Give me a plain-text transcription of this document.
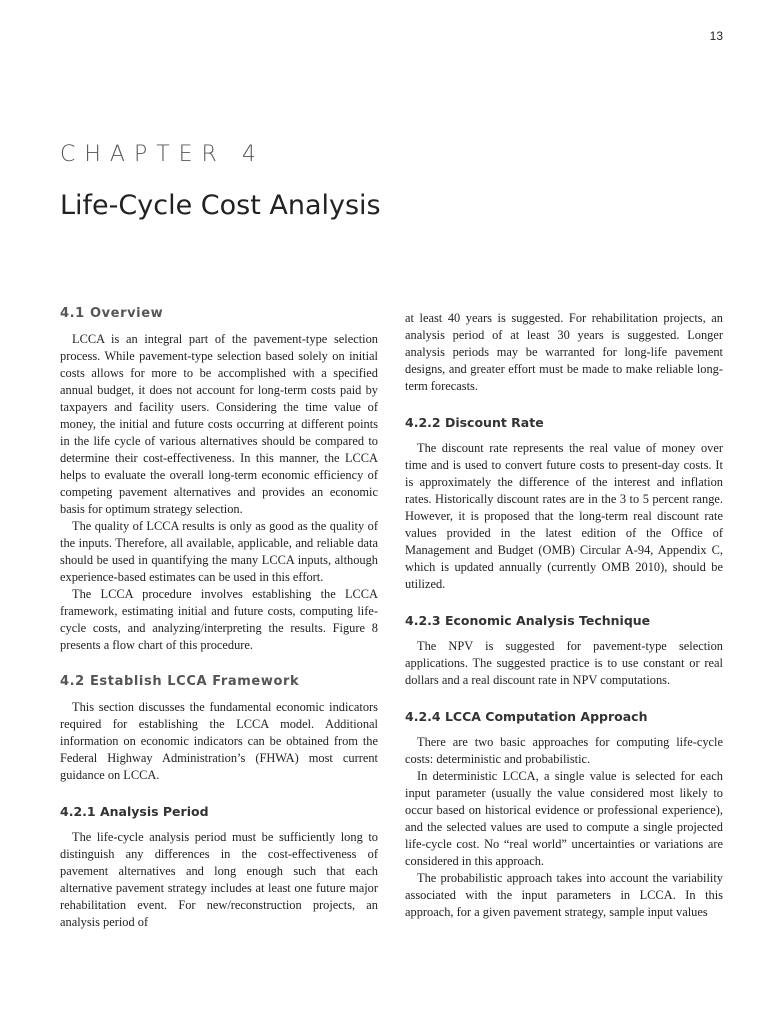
13
CHAPTER 4
Life-Cycle Cost Analysis
4.1 Overview

LCCA is an integral part of the pavement-type selection process. While pavement-type selection based solely on initial costs allows for more to be accomplished with a specified annual budget, it does not account for long-term costs paid by taxpayers and facility users. Considering the time value of money, the initial and future costs occurring at different points in the life cycle of various alternatives should be compared to determine their cost-effectiveness. In this manner, the LCCA helps to evaluate the overall long-term economic efficiency of competing pavement alternatives and provides an economic basis for optimum strategy selection.

The quality of LCCA results is only as good as the quality of the inputs. Therefore, all available, applicable, and reliable data should be used in quantifying the many LCCA inputs, although experience-based estimates can be used in this effort.

The LCCA procedure involves establishing the LCCA framework, estimating initial and future costs, computing life-cycle costs, and analyzing/interpreting the results. Figure 8 presents a flow chart of this procedure.

4.2 Establish LCCA Framework

This section discusses the fundamental economic indicators required for establishing the LCCA model. Additional information on economic indicators can be obtained from the Federal Highway Administration’s (FHWA) most current guidance on LCCA.

4.2.1 Analysis Period

The life-cycle analysis period must be sufficiently long to distinguish any differences in the cost-effectiveness of pavement alternatives and long enough such that each alternative pavement strategy includes at least one future major rehabilitation event. For new/reconstruction projects, an analysis period of

at least 40 years is suggested. For rehabilitation projects, an analysis period of at least 30 years is suggested. Longer analysis periods may be warranted for long-life pavement designs, and greater effort must be made to make reliable long-term forecasts.

4.2.2 Discount Rate

The discount rate represents the real value of money over time and is used to convert future costs to present-day costs. It is approximately the difference of the interest and inflation rates. Historically discount rates are in the 3 to 5 percent range. However, it is proposed that the long-term real discount rate values provided in the latest edition of the Office of Management and Budget (OMB) Circular A-94, Appendix C, which is updated annually (currently OMB 2010), should be utilized.

4.2.3 Economic Analysis Technique

The NPV is suggested for pavement-type selection applications. The suggested practice is to use constant or real dollars and a real discount rate in NPV computations.

4.2.4 LCCA Computation Approach

There are two basic approaches for computing life-cycle costs: deterministic and probabilistic.

In deterministic LCCA, a single value is selected for each input parameter (usually the value considered most likely to occur based on historical evidence or professional experience), and the selected values are used to compute a single projected life-cycle cost. No “real world” uncertainties or variations are considered in this approach.

The probabilistic approach takes into account the variability associated with the input parameters in LCCA. In this approach, for a given pavement strategy, sample input values
